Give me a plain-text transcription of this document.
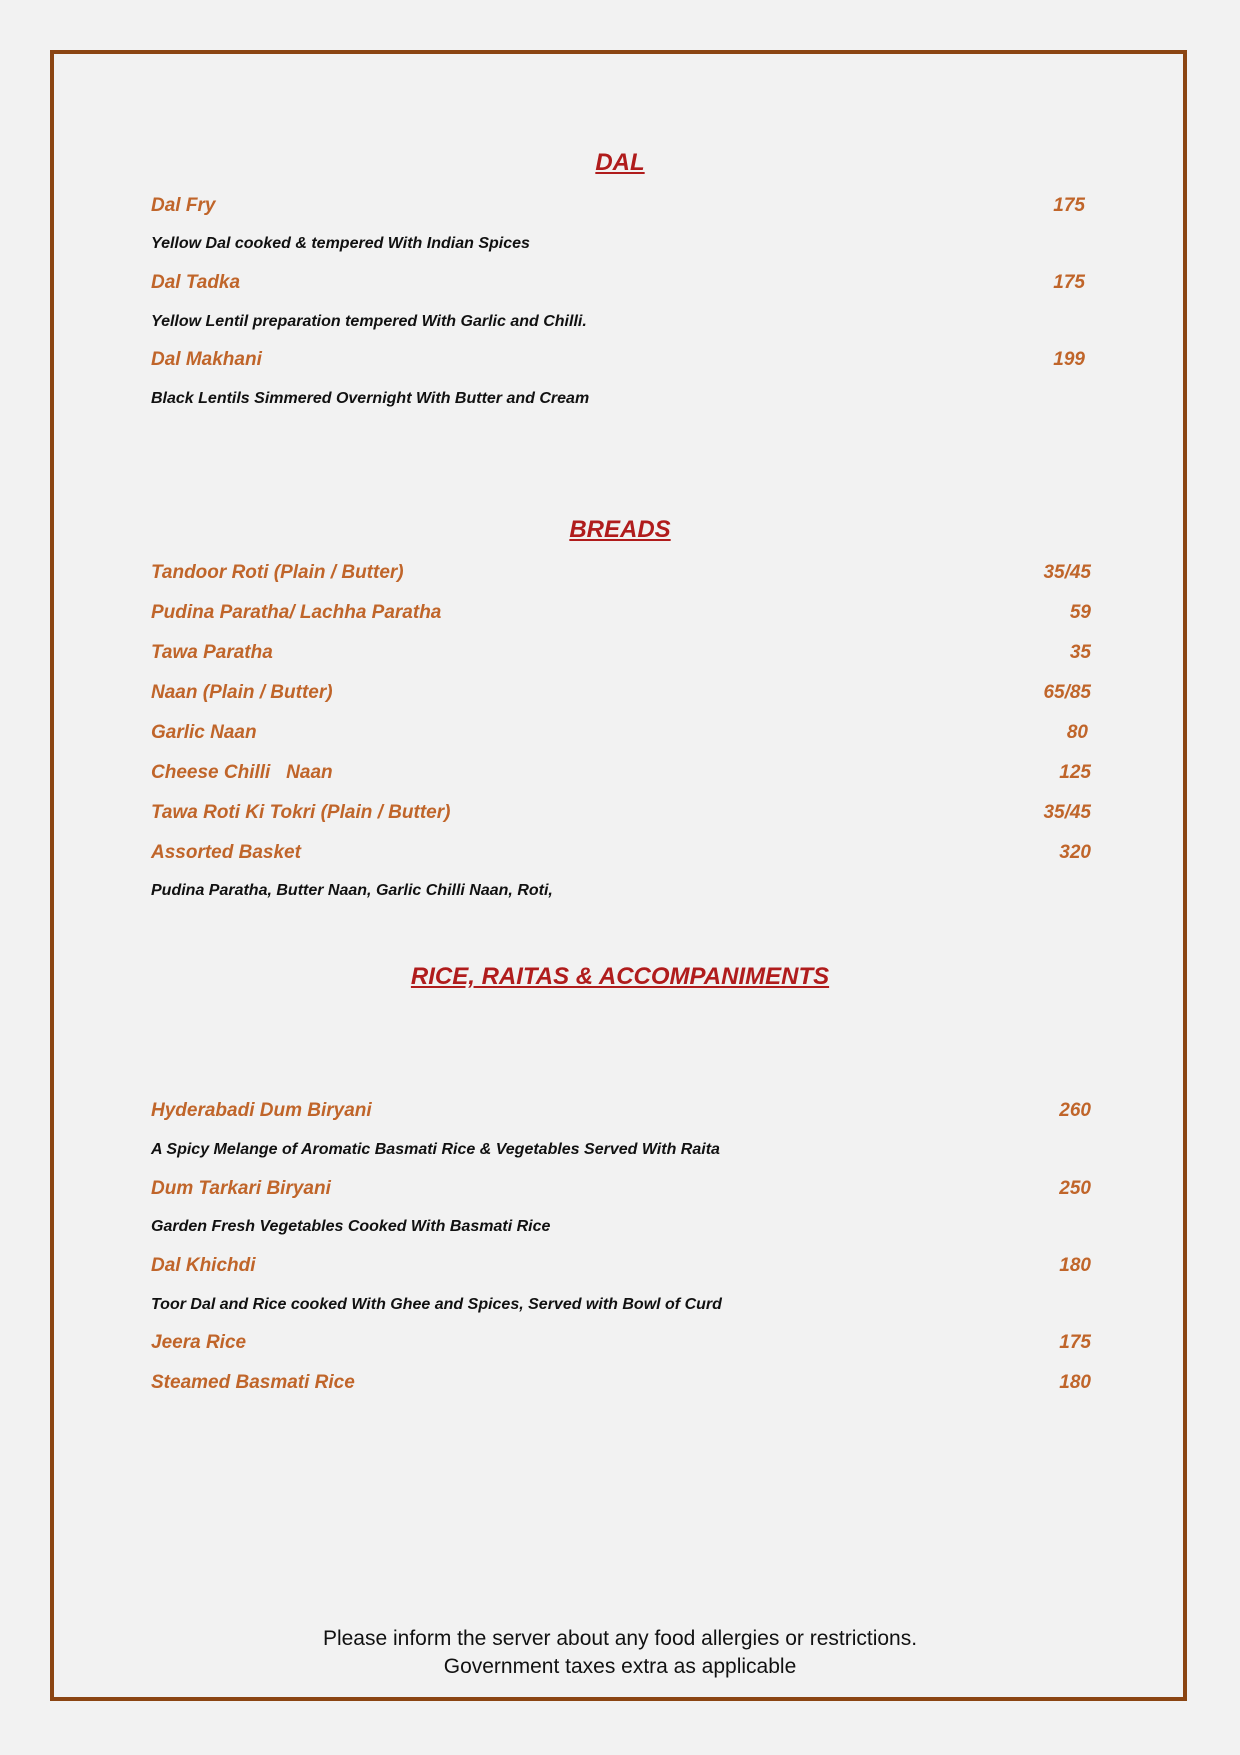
DAL
Dal Fry	175
Yellow Dal cooked & tempered With Indian Spices
Dal Tadka	175
Yellow Lentil preparation tempered With Garlic and Chilli.
Dal Makhani	199
Black Lentils Simmered Overnight With Butter and Cream
BREADS
Tandoor Roti (Plain / Butter)	35/45
Pudina Paratha/ Lachha Paratha	59
Tawa Paratha	35
Naan (Plain / Butter)	65/85
Garlic Naan	80
Cheese Chilli   Naan	125
Tawa Roti Ki Tokri (Plain / Butter)	35/45
Assorted Basket	320
Pudina Paratha, Butter Naan, Garlic Chilli Naan, Roti,
RICE, RAITAS & ACCOMPANIMENTS
Hyderabadi Dum Biryani	260
A Spicy Melange of Aromatic Basmati Rice & Vegetables Served With Raita
Dum Tarkari Biryani	250
Garden Fresh Vegetables Cooked With Basmati Rice
Dal Khichdi	180
Toor Dal and Rice cooked With Ghee and Spices, Served with Bowl of Curd
Jeera Rice	175
Steamed Basmati Rice	180
Please inform the server about any food allergies or restrictions.
Government taxes extra as applicable
